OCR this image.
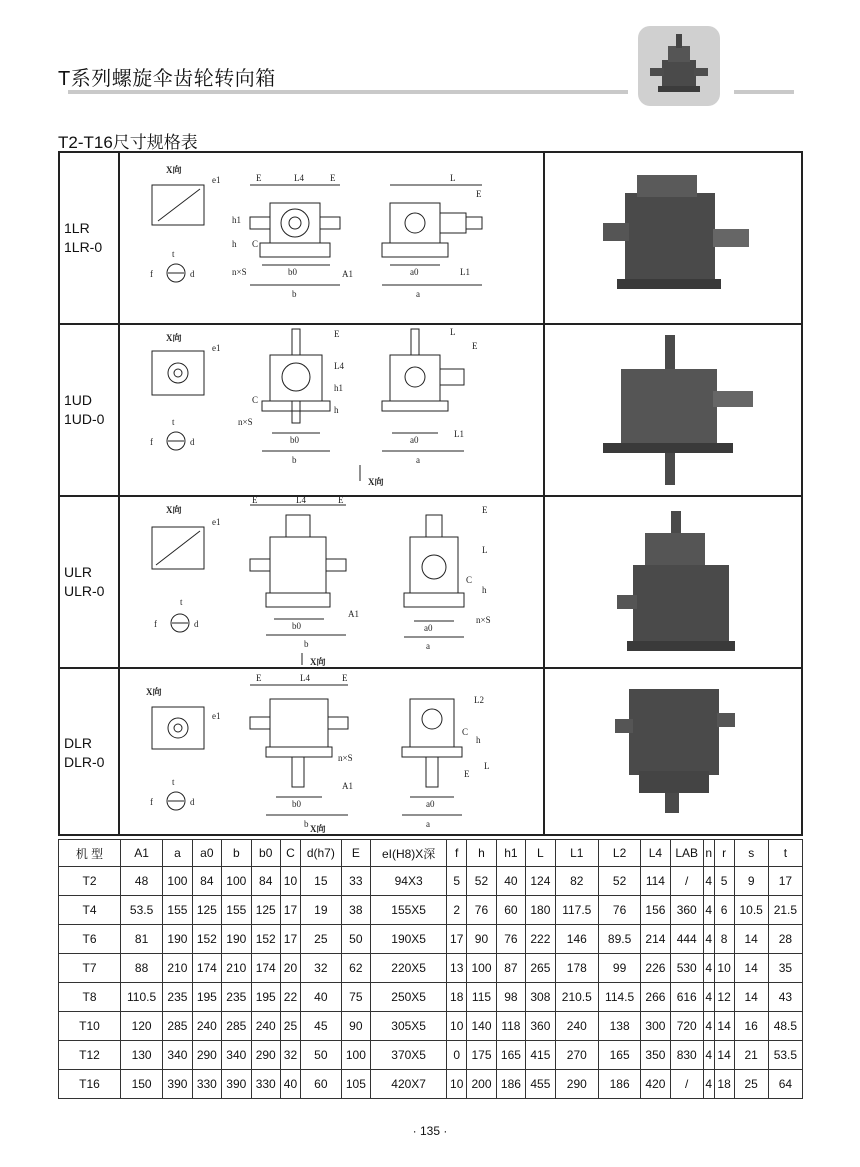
T系列螺旋伞齿轮转向箱
T2-T16尺寸规格表
1LR
1LR-0
X向
e1
t
d
f
E	L4	E
h1
h C
n×S	b0
b
A1
L
E
a0
a
L1
1UD
1UD-0
X向
e1
t
d
f
E
L4
h1
h
C
n×S
b0
b
L
E
a0
a
L1
X向
ULR
ULR-0
X向
e1
t
d
f
E	L4	E
b0
A1
b
E
L
C
h
n×S
a0
a
X向
DLR
DLR-0
X向
e1
t
d
f
E	L4	E
n×S
b0
A1
b
L2
C
h
L
E
a0
a
X向
机 型	A1	a	a0	b	b0	C	d(h7)	E	eI(H8)X深	f	h	h1	L	L1	L2	L4	LAB	n	r	s	t
T2	48	100	84	100	84	10	15	33	94X3	5	52	40	124	82	52	114	/	4	5	9	17
T4	53.5	155	125	155	125	17	19	38	155X5	2	76	60	180	117.5	76	156	360	4	6	10.5	21.5
T6	81	190	152	190	152	17	25	50	190X5	17	90	76	222	146	89.5	214	444	4	8	14	28
T7	88	210	174	210	174	20	32	62	220X5	13	100	87	265	178	99	226	530	4	10	14	35
T8	110.5	235	195	235	195	22	40	75	250X5	18	115	98	308	210.5	114.5	266	616	4	12	14	43
T10	120	285	240	285	240	25	45	90	305X5	10	140	118	360	240	138	300	720	4	14	16	48.5
T12	130	340	290	340	290	32	50	100	370X5	0	175	165	415	270	165	350	830	4	14	21	53.5
T16	150	390	330	390	330	40	60	105	420X7	10	200	186	455	290	186	420	/	4	18	25	64
· 135 ·
